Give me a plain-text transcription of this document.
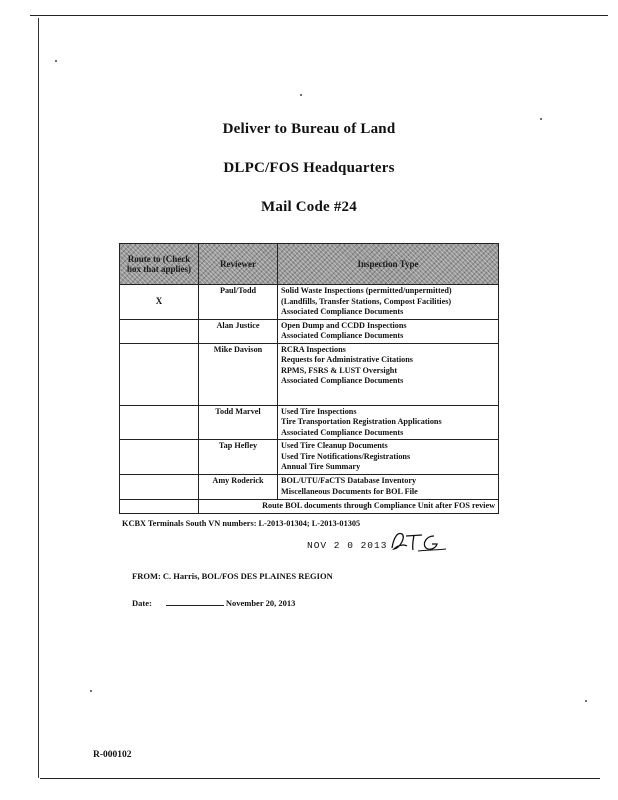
Deliver to Bureau of Land
DLPC/FOS Headquarters
Mail Code #24
Route to (Check box that applies)	Reviewer	Inspection Type

X	Paul/Todd	Solid Waste Inspections (permitted/unpermitted)
(Landfills, Transfer Stations, Compost Facilities)
Associated Compliance Documents

	Alan Justice	Open Dump and CCDD Inspections
Associated Compliance Documents

	Mike Davison	RCRA Inspections
Requests for Administrative Citations
RPMS, FSRS & LUST Oversight
Associated Compliance Documents

	Todd Marvel	Used Tire Inspections
Tire Transportation Registration Applications
Associated Compliance Documents

	Tap Hefley	Used Tire Cleanup Documents
Used Tire Notifications/Registrations
Annual Tire Summary

	Amy Roderick	BOL/UTU/FaCTS Database Inventory
Miscellaneous Documents for BOL File

	Route BOL documents through Compliance Unit after FOS review	
KCBX Terminals South VN numbers: L-2013-01304; L-2013-01305
NOV 2 0 2013
FROM: C. Harris, BOL/FOS DES PLAINES REGION
Date:	November 20, 2013
R-000102
